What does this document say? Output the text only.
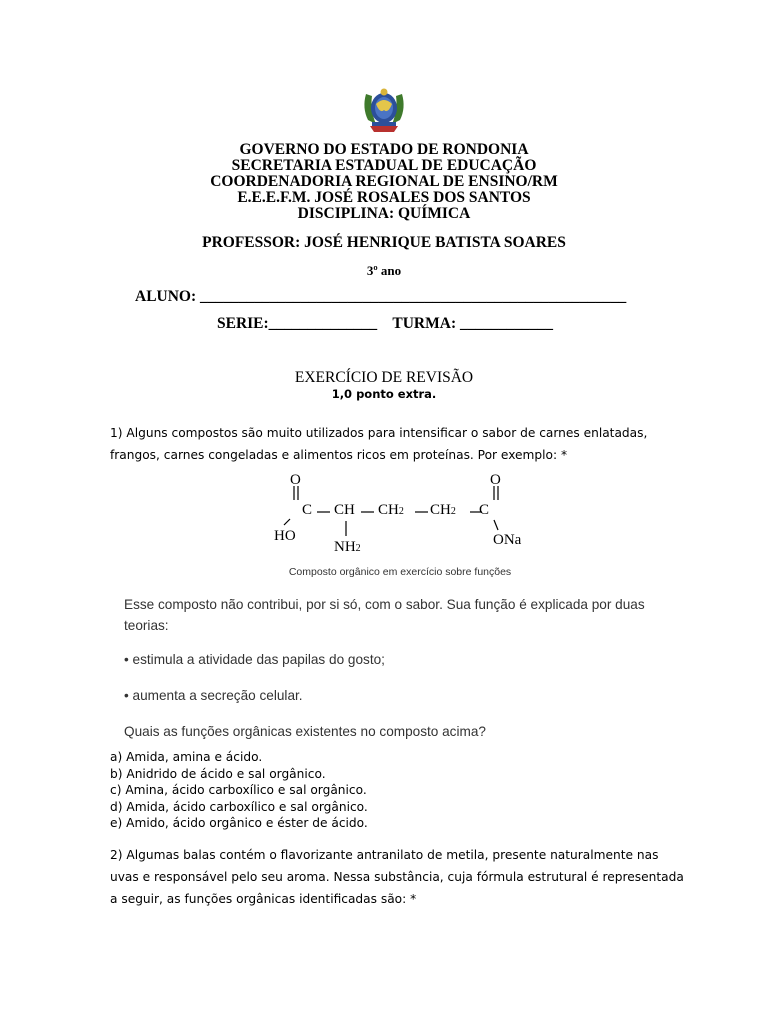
GOVERNO DO ESTADO DE RONDONIA
SECRETARIA ESTADUAL DE EDUCAÇÃO
COORDENADORIA REGIONAL DE ENSINO/RM
E.E.E.F.M. JOSÉ ROSALES DOS SANTOS
DISCIPLINA: QUÍMICA
PROFESSOR: JOSÉ HENRIQUE BATISTA SOARES
3º ano
ALUNO: _______________________________________________________
SERIE:______________    TURMA: ____________
EXERCÍCIO DE REVISÃO
1,0 ponto extra.
1) Alguns compostos são muito utilizados para intensificar o sabor de carnes enlatadas,
frangos, carnes congeladas e alimentos ricos em proteínas. Por exemplo: *
O	O
C CH CH2 CH2 C
HO
NH2
ONa
Composto orgânico em exercício sobre funções
Esse composto não contribui, por si só, com o sabor. Sua função é explicada por duas
teorias:
• estimula a atividade das papilas do gosto;
• aumenta a secreção celular.
Quais as funções orgânicas existentes no composto acima?
a) Amida, amina e ácido.
b) Anidrido de ácido e sal orgânico.
c) Amina, ácido carboxílico e sal orgânico.
d) Amida, ácido carboxílico e sal orgânico.
e) Amido, ácido orgânico e éster de ácido.
2) Algumas balas contém o flavorizante antranilato de metila, presente naturalmente nas
uvas e responsável pelo seu aroma. Nessa substância, cuja fórmula estrutural é representada
a seguir, as funções orgânicas identificadas são: *
